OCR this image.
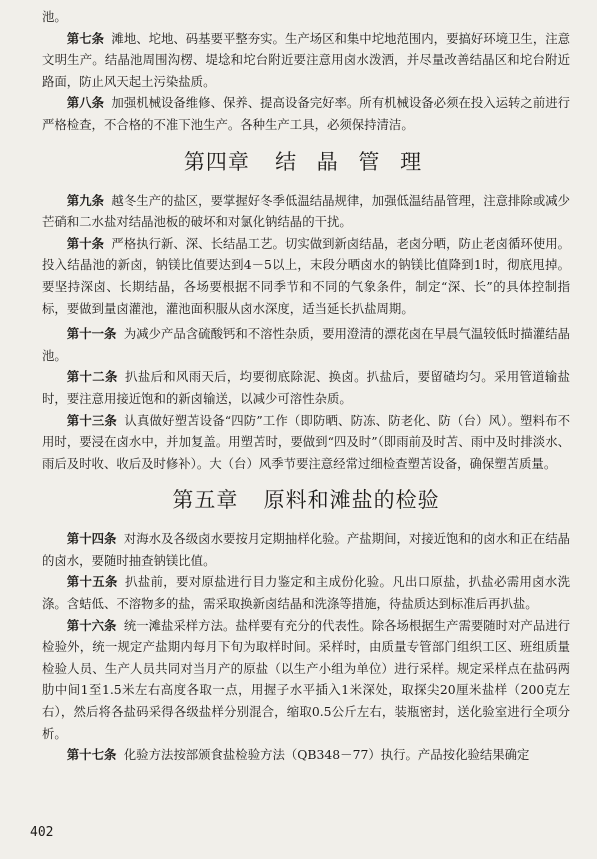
池。

第七条 滩地、坨地、码基要平整夯实。生产场区和集中坨地范围内，要搞好环境卫生，注意文明生产。结晶池周围沟楞、堤埝和坨台附近要注意用卤水泼洒，并尽量改善结晶区和坨台附近路面，防止风天起土污染盐质。

第八条 加强机械设备维修、保养、提高设备完好率。所有机械设备必须在投入运转之前进行严格检查，不合格的不准下池生产。各种生产工具，必须保持清洁。

第四章 结 晶 管 理

第九条 越冬生产的盐区，要掌握好冬季低温结晶规律，加强低温结晶管理，注意排除或减少芒硝和二水盐对结晶池板的破坏和对氯化钠结晶的干扰。

第十条 严格执行新、深、长结晶工艺。切实做到新卤结晶，老卤分晒，防止老卤循环使用。投入结晶池的新卤，钠镁比值要达到4－5以上，末段分晒卤水的钠镁比值降到1时，彻底甩掉。要坚持深卤、长期结晶，各场要根据不同季节和不同的气象条件，制定“深、长”的具体控制指标，要做到量卤灌池，灌池面积服从卤水深度，适当延长扒盐周期。

第十一条 为减少产品含硫酸钙和不溶性杂质，要用澄清的漂花卤在早晨气温较低时描灌结晶池。

第十二条 扒盐后和风雨天后，均要彻底除泥、换卤。扒盐后，要留碴均匀。采用管道输盐时，要注意用接近饱和的新卤输送，以减少可溶性杂质。

第十三条 认真做好塑苫设备“四防”工作（即防晒、防冻、防老化、防（台）风）。塑料布不用时，要浸在卤水中，并加复盖。用塑苫时，要做到“四及时”（即雨前及时苫、雨中及时排淡水、雨后及时收、收后及时修补）。大（台）风季节要注意经常过细检查塑苫设备，确保塑苫质量。

第五章 原料和滩盐的检验

第十四条 对海水及各级卤水要按月定期抽样化验。产盐期间，对接近饱和的卤水和正在结晶的卤水，要随时抽查钠镁比值。

第十五条 扒盐前，要对原盐进行目力鉴定和主成份化验。凡出口原盐，扒盐必需用卤水洗涤。含蛣低、不溶物多的盐，需采取换新卤结晶和洗涤等措施，待盐质达到标准后再扒盐。

第十六条 统一滩盐采样方法。盐样要有充分的代表性。除各场根据生产需要随时对产品进行检验外，统一规定产盐期内每月下旬为取样时间。采样时，由质量专管部门组织工区、班组质量检验人员、生产人员共同对当月产的原盐（以生产小组为单位）进行采样。规定采样点在盐码两肋中间1至1.5米左右高度各取一点，用握子水平插入1米深处，取探尖20厘米盐样（200克左右），然后将各盐码采得各级盐样分别混合，缩取0.5公斤左右，装瓶密封，送化验室进行全项分析。

第十七条 化验方法按部颁食盐检验方法（QB348－77）执行。产品按化验结果确定

402
